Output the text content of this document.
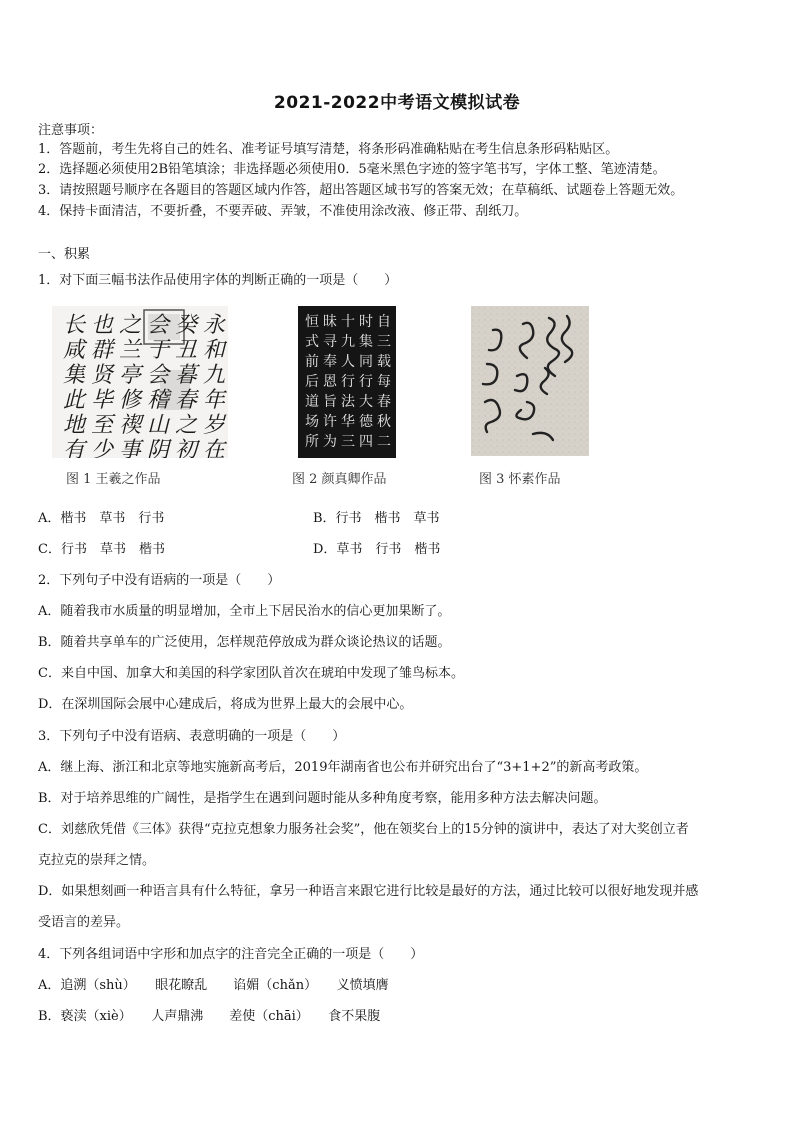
2021-2022中考语文模拟试卷
注意事项：
1．答题前，考生先将自己的姓名、准考证号填写清楚，将条形码准确粘贴在考生信息条形码粘贴区。
2．选择题必须使用2B铅笔填涂；非选择题必须使用0．5毫米黑色字迹的签字笔书写，字体工整、笔迹清楚。
3．请按照题号顺序在各题目的答题区域内作答，超出答题区域书写的答案无效；在草稿纸、试题卷上答题无效。
4．保持卡面清洁，不要折叠，不要弄破、弄皱，不准使用涂改液、修正带、刮纸刀。
一、积累
1．对下面三幅书法作品使用字体的判断正确的一项是（　　）
永
和
九
年
岁
在
癸
丑
暮
春
之
初
会
于
会
稽
山
阴
之
兰
亭
修
禊
事
也
群
贤
毕
至
少
长
咸
集
此
地
有
图 1 王羲之作品
自
三
载
每
春
秋
二
时
集
同
行
大
德
四
十
九
人
行
法
华
三
昧
寻
奉
恩
旨
许
为
恒
式
前
后
道
场
所
图 2 颜真卿作品	图 3 怀素作品
A．楷书　草书　行书	B．行书　楷书　草书
C．行书　草书　楷书	D．草书　行书　楷书
2．下列句子中没有语病的一项是（　　）
A．随着我市水质量的明显增加，全市上下居民治水的信心更加果断了。
B．随着共享单车的广泛使用，怎样规范停放成为群众谈论热议的话题。
C．来自中国、加拿大和美国的科学家团队首次在琥珀中发现了雏鸟标本。
D．在深圳国际会展中心建成后，将成为世界上最大的会展中心。
3．下列句子中没有语病、表意明确的一项是（　　）
A．继上海、浙江和北京等地实施新高考后，2019年湖南省也公布并研究出台了“3+1+2”的新高考政策。
B．对于培养思维的广阔性，是指学生在遇到问题时能从多种角度考察，能用多种方法去解决问题。
C．刘慈欣凭借《三体》获得“克拉克想象力服务社会奖”，他在领奖台上的15分钟的演讲中，表达了对大奖创立者
克拉克的崇拜之情。
D．如果想刻画一种语言具有什么特征，拿另一种语言来跟它进行比较是最好的方法，通过比较可以很好地发现并感
受语言的差异。
4．下列各组词语中字形和加点字的注音完全正确的一项是（　　）
A．追溯（shù）　　眼花瞭乱　　谄媚（chǎn）　　义愤填膺
B．亵渎（xiè）　　人声鼎沸　　差使（chāi）　　食不果腹
